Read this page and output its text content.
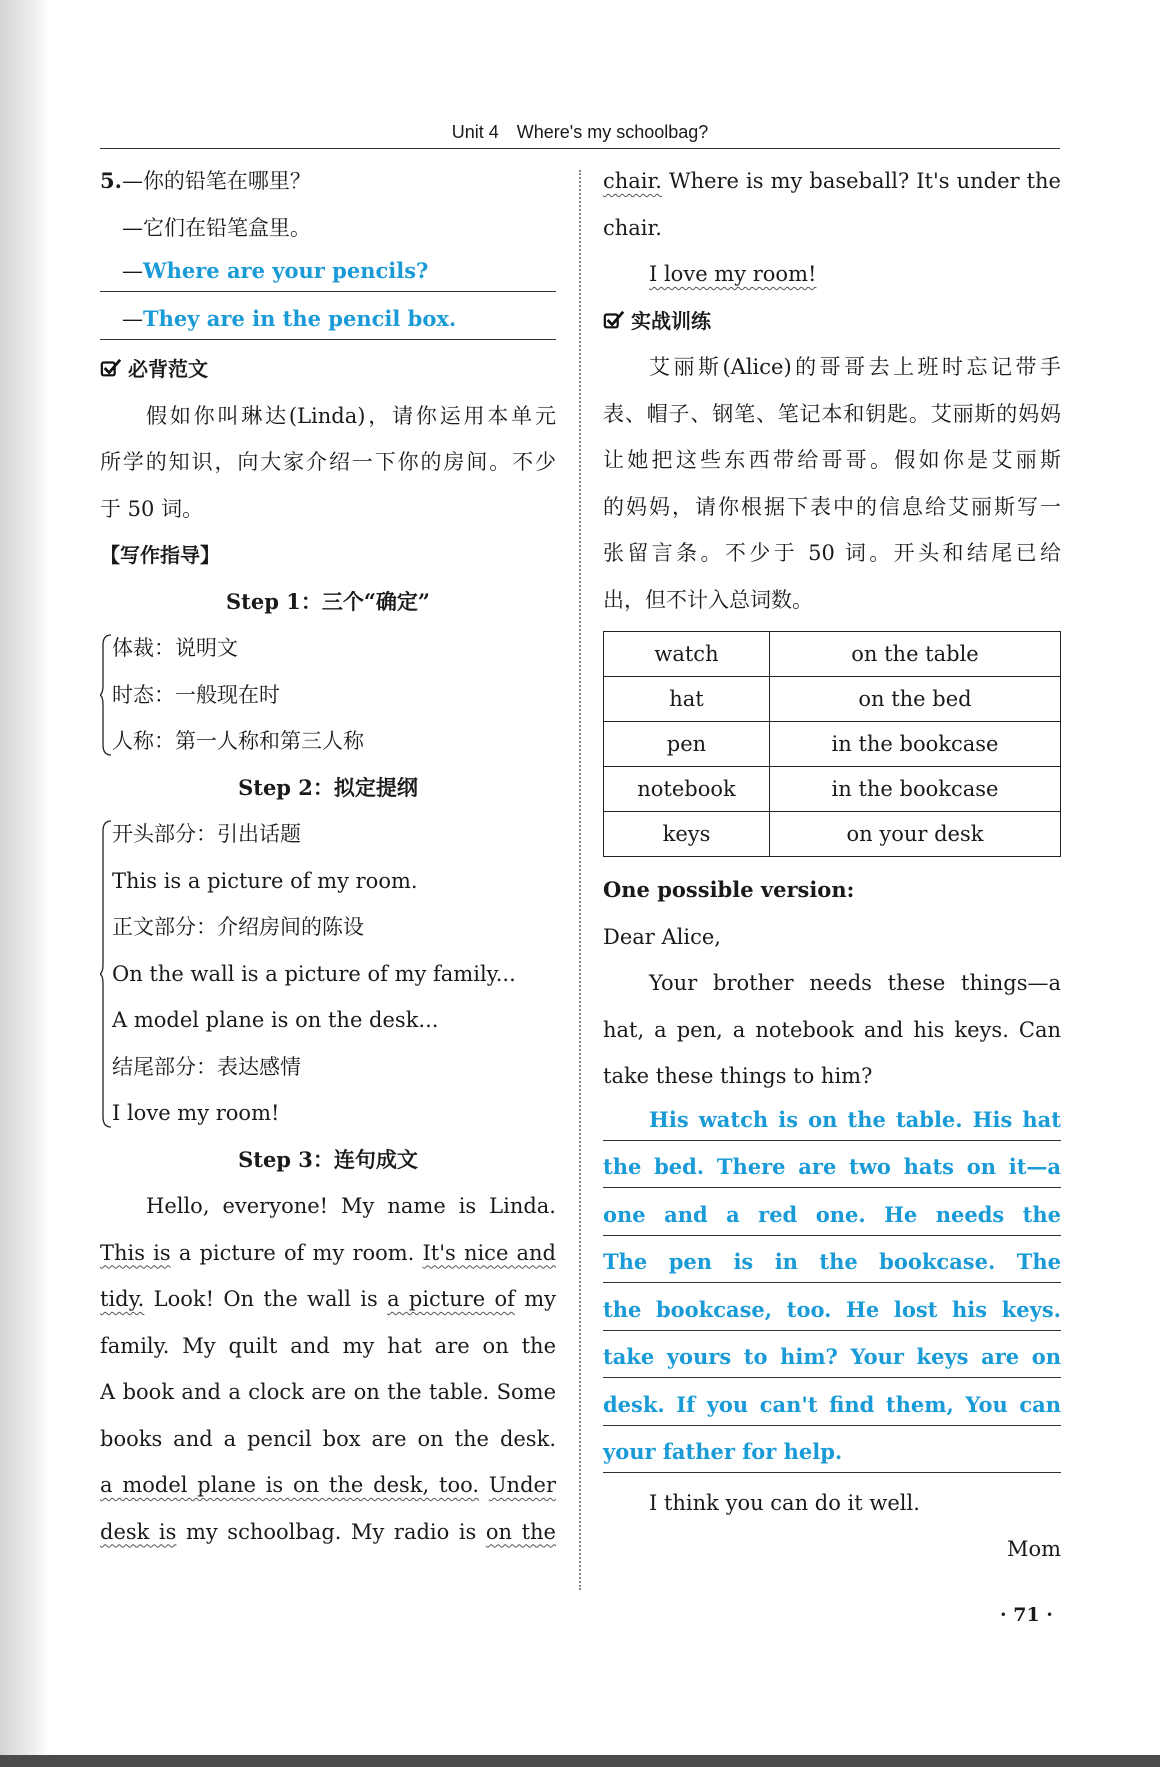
Unit 4 Where's my schoolbag?
5.—你的铅笔在哪里？
—它们在铅笔盒里。
—Where are your pencils?
—They are in the pencil box.
必背范文
假如你叫琳达(Linda)，请你运用本单元
所学的知识，向大家介绍一下你的房间。不少
于 50 词。
【写作指导】
Step 1：三个“确定”
体裁：说明文
时态：一般现在时
人称：第一人称和第三人称
Step 2：拟定提纲
开头部分：引出话题
This is a picture of my room.
正文部分：介绍房间的陈设
On the wall is a picture of my family...
A model plane is on the desk...
结尾部分：表达感情
I love my room!
Step 3：连句成文
Hello, everyone! My name is Linda.
This is a picture of my room. It's nice and
tidy. Look! On the wall is a picture of my
family. My quilt and my hat are on the
A book and a clock are on the table. Some
books and a pencil box are on the desk.
a model plane is on the desk, too. Under
desk is my schoolbag. My radio is on the
chair. Where is my baseball? It's under the
chair.
I love my room!
实战训练
艾丽斯(Alice)的哥哥去上班时忘记带手
表、帽子、钢笔、笔记本和钥匙。艾丽斯的妈妈
让她把这些东西带给哥哥。假如你是艾丽斯
的妈妈，请你根据下表中的信息给艾丽斯写一
张留言条。不少于 50 词。开头和结尾已给
出，但不计入总词数。
watch	on the table
hat	on the bed
pen	in the bookcase
notebook	in the bookcase
keys	on your desk
One possible version:
Dear Alice,
Your brother needs these things—a
hat, a pen, a notebook and his keys. Can
take these things to him?
His watch is on the table. His hat
the bed. There are two hats on it—a
one and a red one. He needs the
The pen is in the bookcase. The
the bookcase, too. He lost his keys.
take yours to him? Your keys are on
desk. If you can't find them, You can
your father for help.
I think you can do it well.
Mom
· 71 ·
